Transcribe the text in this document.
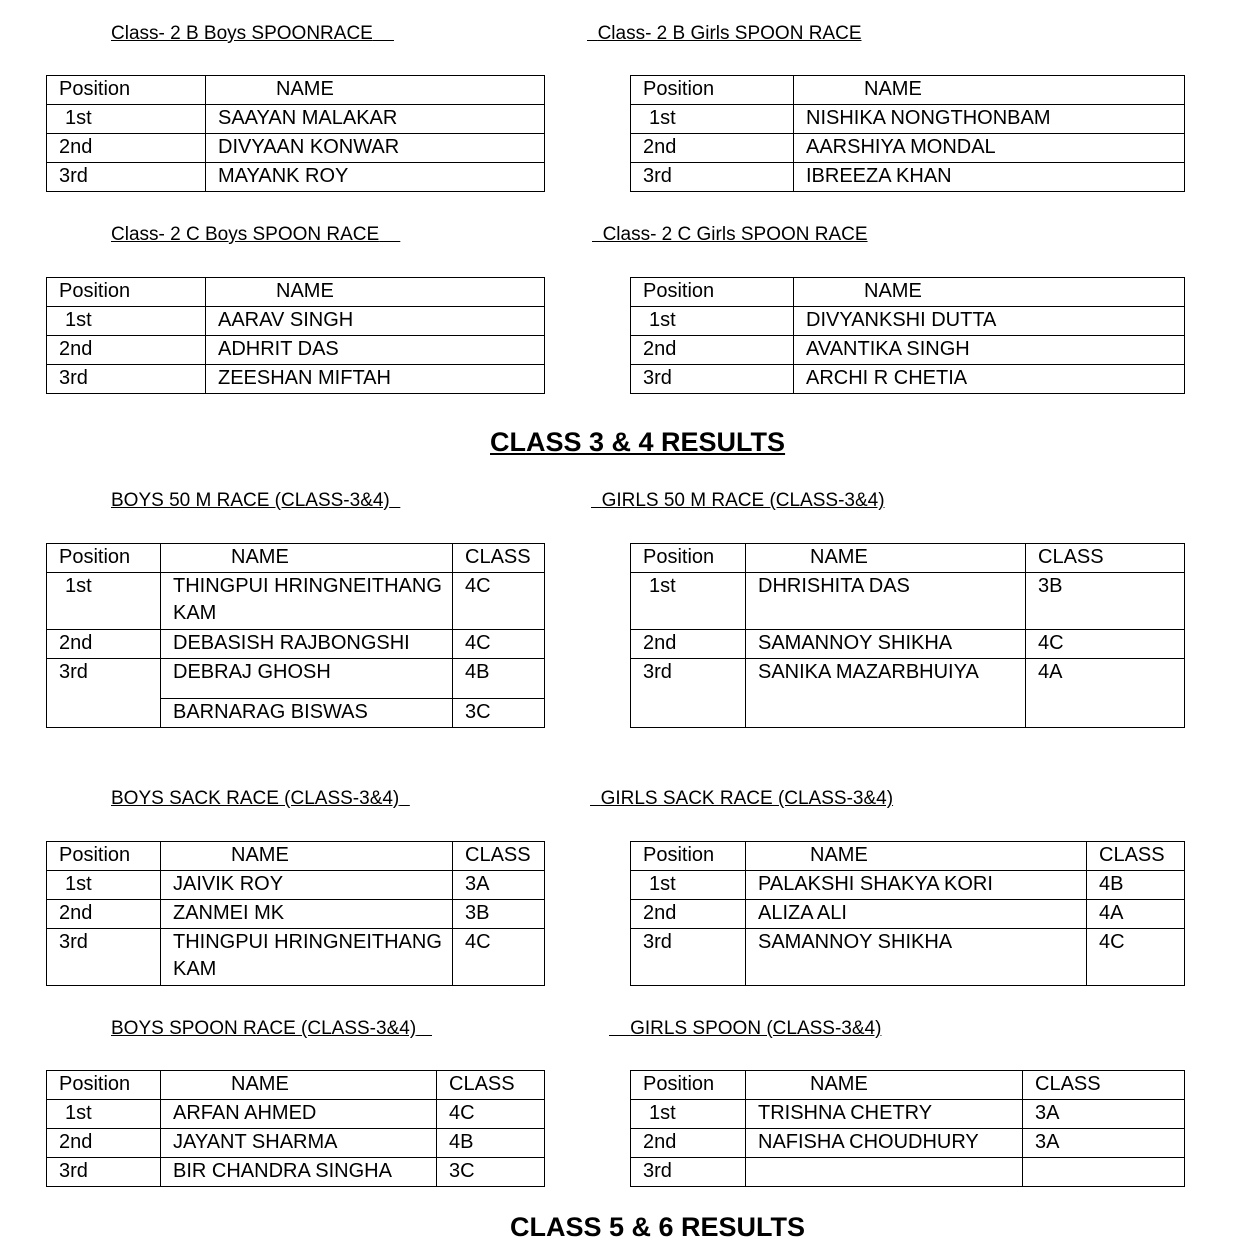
Class- 2 B Boys SPOONRACE	Class- 2 B Girls SPOON RACE
Position	NAME		Position	NAME
1st	SAAYAN MALAKAR		1st	NISHIKA NONGTHONBAM
2nd	DIVYAAN KONWAR		2nd	AARSHIYA MONDAL
3rd	MAYANK ROY		3rd	IBREEZA KHAN
Class- 2 C Boys SPOON RACE	Class- 2 C Girls SPOON RACE
Position	NAME		Position	NAME
1st	AARAV SINGH		1st	DIVYANKSHI DUTTA
2nd	ADHRIT DAS		2nd	AVANTIKA SINGH
3rd	ZEESHAN MIFTAH		3rd	ARCHI R CHETIA
CLASS 3 & 4 RESULTS
BOYS 50 M RACE (CLASS-3&4)	GIRLS 50 M RACE (CLASS-3&4)
Position	NAME	CLASS		Position	NAME	CLASS
1st	THINGPUI HRINGNEITHANG KAM	4C		1st	DHRISHITA DAS	3B
2nd	DEBASISH RAJBONGSHI	4C		2nd	SAMANNOY SHIKHA	4C
3rd	DEBRAJ GHOSH	4B		3rd	SANIKA MAZARBHUIYA	4A
	BARNARAG BISWAS	3C				
BOYS SACK RACE (CLASS-3&4)	GIRLS SACK RACE (CLASS-3&4)
Position	NAME	CLASS		Position	NAME	CLASS
1st	JAIVIK ROY	3A		1st	PALAKSHI SHAKYA KORI	4B
2nd	ZANMEI MK	3B		2nd	ALIZA ALI	4A
3rd	THINGPUI HRINGNEITHANG KAM	4C		3rd	SAMANNOY SHIKHA	4C
BOYS SPOON RACE (CLASS-3&4)	GIRLS SPOON (CLASS-3&4)
Position	NAME	CLASS		Position	NAME	CLASS
1st	ARFAN AHMED	4C		1st	TRISHNA CHETRY	3A
2nd	JAYANT SHARMA	4B		2nd	NAFISHA CHOUDHURY	3A
3rd	BIR CHANDRA SINGHA	3C		3rd		
CLASS 5 & 6 RESULTS
